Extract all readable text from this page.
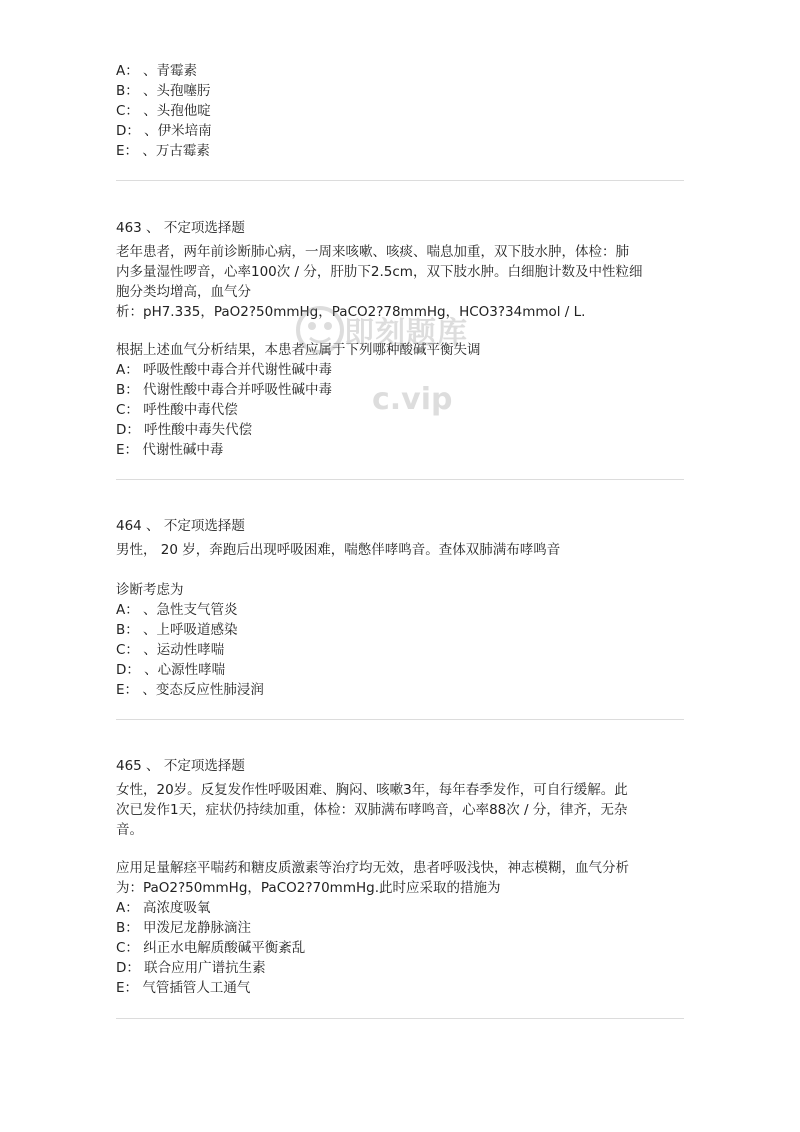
A： 、青霉素
B： 、头孢噻肟
C： 、头孢他啶
D： 、伊米培南
E： 、万古霉素
463 、 不定项选择题
老年患者，两年前诊断肺心病，一周来咳嗽、咳痰、喘息加重，双下肢水肿，体检：肺
内多量湿性啰音，心率100次 / 分，肝肋下2.5cm，双下肢水肿。白细胞计数及中性粒细
胞分类均增高，血气分
析：pH7.335，PaO2?50mmHg，PaCO2?78mmHg，HCO3?34mmol / L.
根据上述血气分析结果，本患者应属于下列哪种酸碱平衡失调
A： 呼吸性酸中毒合并代谢性碱中毒
B： 代谢性酸中毒合并呼吸性碱中毒
C： 呼性酸中毒代偿
D： 呼性酸中毒失代偿
E： 代谢性碱中毒
464 、 不定项选择题
男性， 20 岁，奔跑后出现呼吸困难，喘憋伴哮鸣音。查体双肺满布哮鸣音
诊断考虑为
A： 、急性支气管炎
B： 、上呼吸道感染
C： 、运动性哮喘
D： 、心源性哮喘
E： 、变态反应性肺浸润
465 、 不定项选择题
女性，20岁。反复发作性呼吸困难、胸闷、咳嗽3年，每年春季发作，可自行缓解。此
次已发作1天，症状仍持续加重，体检：双肺满布哮鸣音，心率88次 / 分，律齐，无杂
音。
应用足量解痉平喘药和糖皮质激素等治疗均无效，患者呼吸浅快，神志模糊，血气分析
为：PaO2?50mmHg，PaCO2?70mmHg.此时应采取的措施为
A： 高浓度吸氧
B： 甲泼尼龙静脉滴注
C： 纠正水电解质酸碱平衡紊乱
D： 联合应用广谱抗生素
E： 气管插管人工通气
即刻题库
c.vip
